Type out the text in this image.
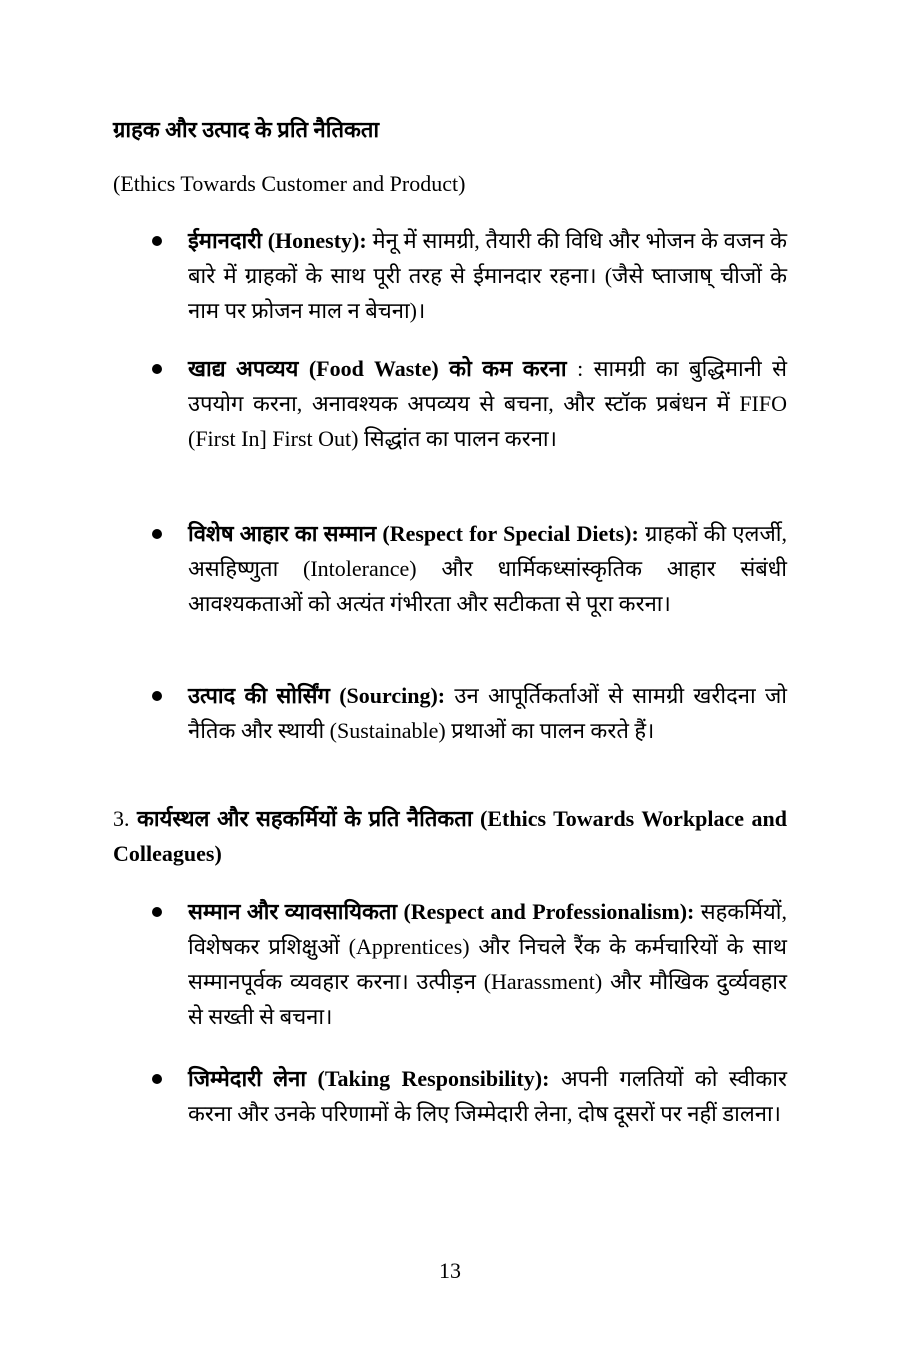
ग्राहक और उत्पाद के प्रति नैतिकता
(Ethics Towards Customer and Product)
ईमानदारी (Honesty): मेनू में सामग्री, तैयारी की विधि और भोजन के वजन के बारे में ग्राहकों के साथ पूरी तरह से ईमानदार रहना। (जैसे ष्ताजाष् चीजों के नाम पर फ्रोजन माल न बेचना)।
खाद्य अपव्यय (Food Waste) को कम करना : सामग्री का बुद्धिमानी से उपयोग करना, अनावश्यक अपव्यय से बचना, और स्टॉक प्रबंधन में FIFO (First In] First Out) सिद्धांत का पालन करना।
विशेष आहार का सम्मान (Respect for Special Diets): ग्राहकों की एलर्जी, असहिष्णुता (Intolerance) और धार्मिकध्सांस्कृतिक आहार संबंधी आवश्यकताओं को अत्यंत गंभीरता और सटीकता से पूरा करना।
उत्पाद की सोर्सिंग (Sourcing): उन आपूर्तिकर्ताओं से सामग्री खरीदना जो नैतिक और स्थायी (Sustainable) प्रथाओं का पालन करते हैं।
3. कार्यस्थल और सहकर्मियों के प्रति नैतिकता (Ethics Towards Workplace and Colleagues)
सम्मान और व्यावसायिकता (Respect and Professionalism): सहकर्मियों, विशेषकर प्रशिक्षुओं (Apprentices) और निचले रैंक के कर्मचारियों के साथ सम्मानपूर्वक व्यवहार करना। उत्पीड़न (Harassment) और मौखिक दुर्व्यवहार से सख्ती से बचना।
जिम्मेदारी लेना (Taking Responsibility): अपनी गलतियों को स्वीकार करना और उनके परिणामों के लिए जिम्मेदारी लेना, दोष दूसरों पर नहीं डालना।
13
